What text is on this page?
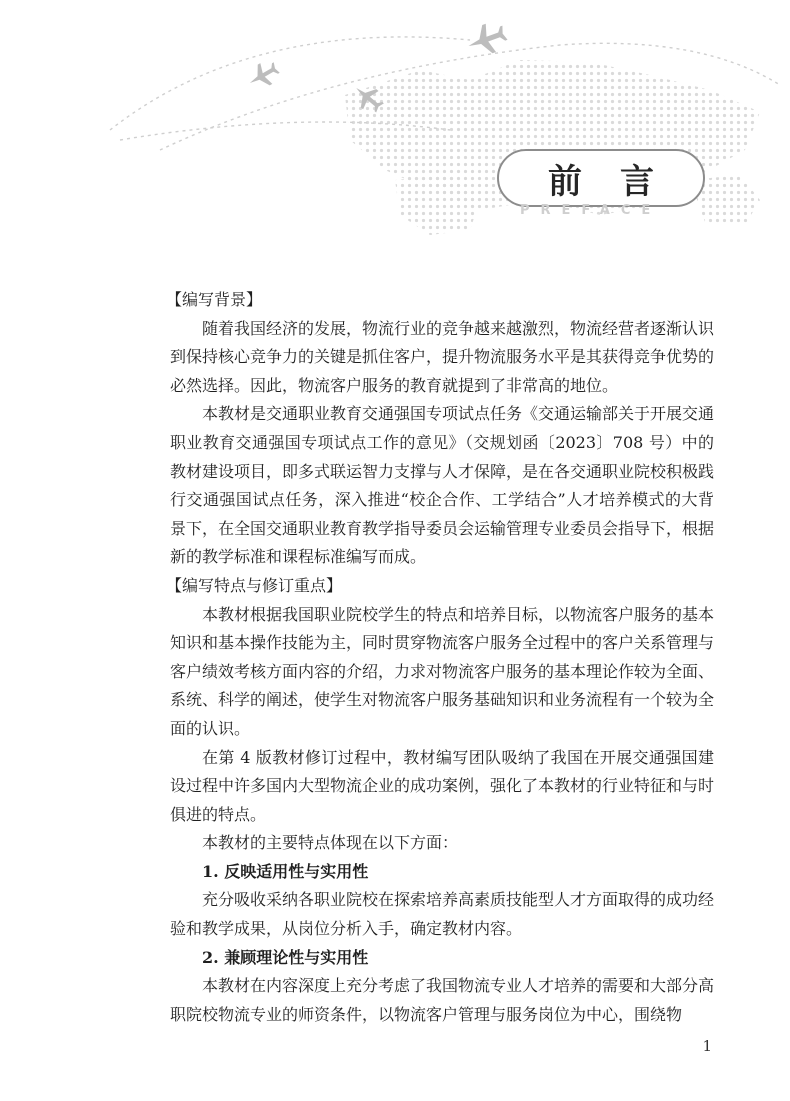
前言
PREFACE

【编写背景】

随着我国经济的发展，物流行业的竞争越来越激烈，物流经营者逐渐认识到保持核心竞争力的关键是抓住客户，提升物流服务水平是其获得竞争优势的必然选择。因此，物流客户服务的教育就提到了非常高的地位。

本教材是交通职业教育交通强国专项试点任务《交通运输部关于开展交通职业教育交通强国专项试点工作的意见》（交规划函〔2023〕708 号）中的教材建设项目，即多式联运智力支撑与人才保障，是在各交通职业院校积极践行交通强国试点任务，深入推进“校企合作、工学结合”人才培养模式的大背景下，在全国交通职业教育教学指导委员会运输管理专业委员会指导下，根据新的教学标准和课程标准编写而成。

【编写特点与修订重点】

本教材根据我国职业院校学生的特点和培养目标，以物流客户服务的基本知识和基本操作技能为主，同时贯穿物流客户服务全过程中的客户关系管理与客户绩效考核方面内容的介绍，力求对物流客户服务的基本理论作较为全面、系统、科学的阐述，使学生对物流客户服务基础知识和业务流程有一个较为全面的认识。

在第 4 版教材修订过程中，教材编写团队吸纳了我国在开展交通强国建设过程中许多国内大型物流企业的成功案例，强化了本教材的行业特征和与时俱进的特点。

本教材的主要特点体现在以下方面：

1. 反映适用性与实用性

充分吸收采纳各职业院校在探索培养高素质技能型人才方面取得的成功经验和教学成果，从岗位分析入手，确定教材内容。

2. 兼顾理论性与实用性

本教材在内容深度上充分考虑了我国物流专业人才培养的需要和大部分高职院校物流专业的师资条件，以物流客户管理与服务岗位为中心，围绕物

1
